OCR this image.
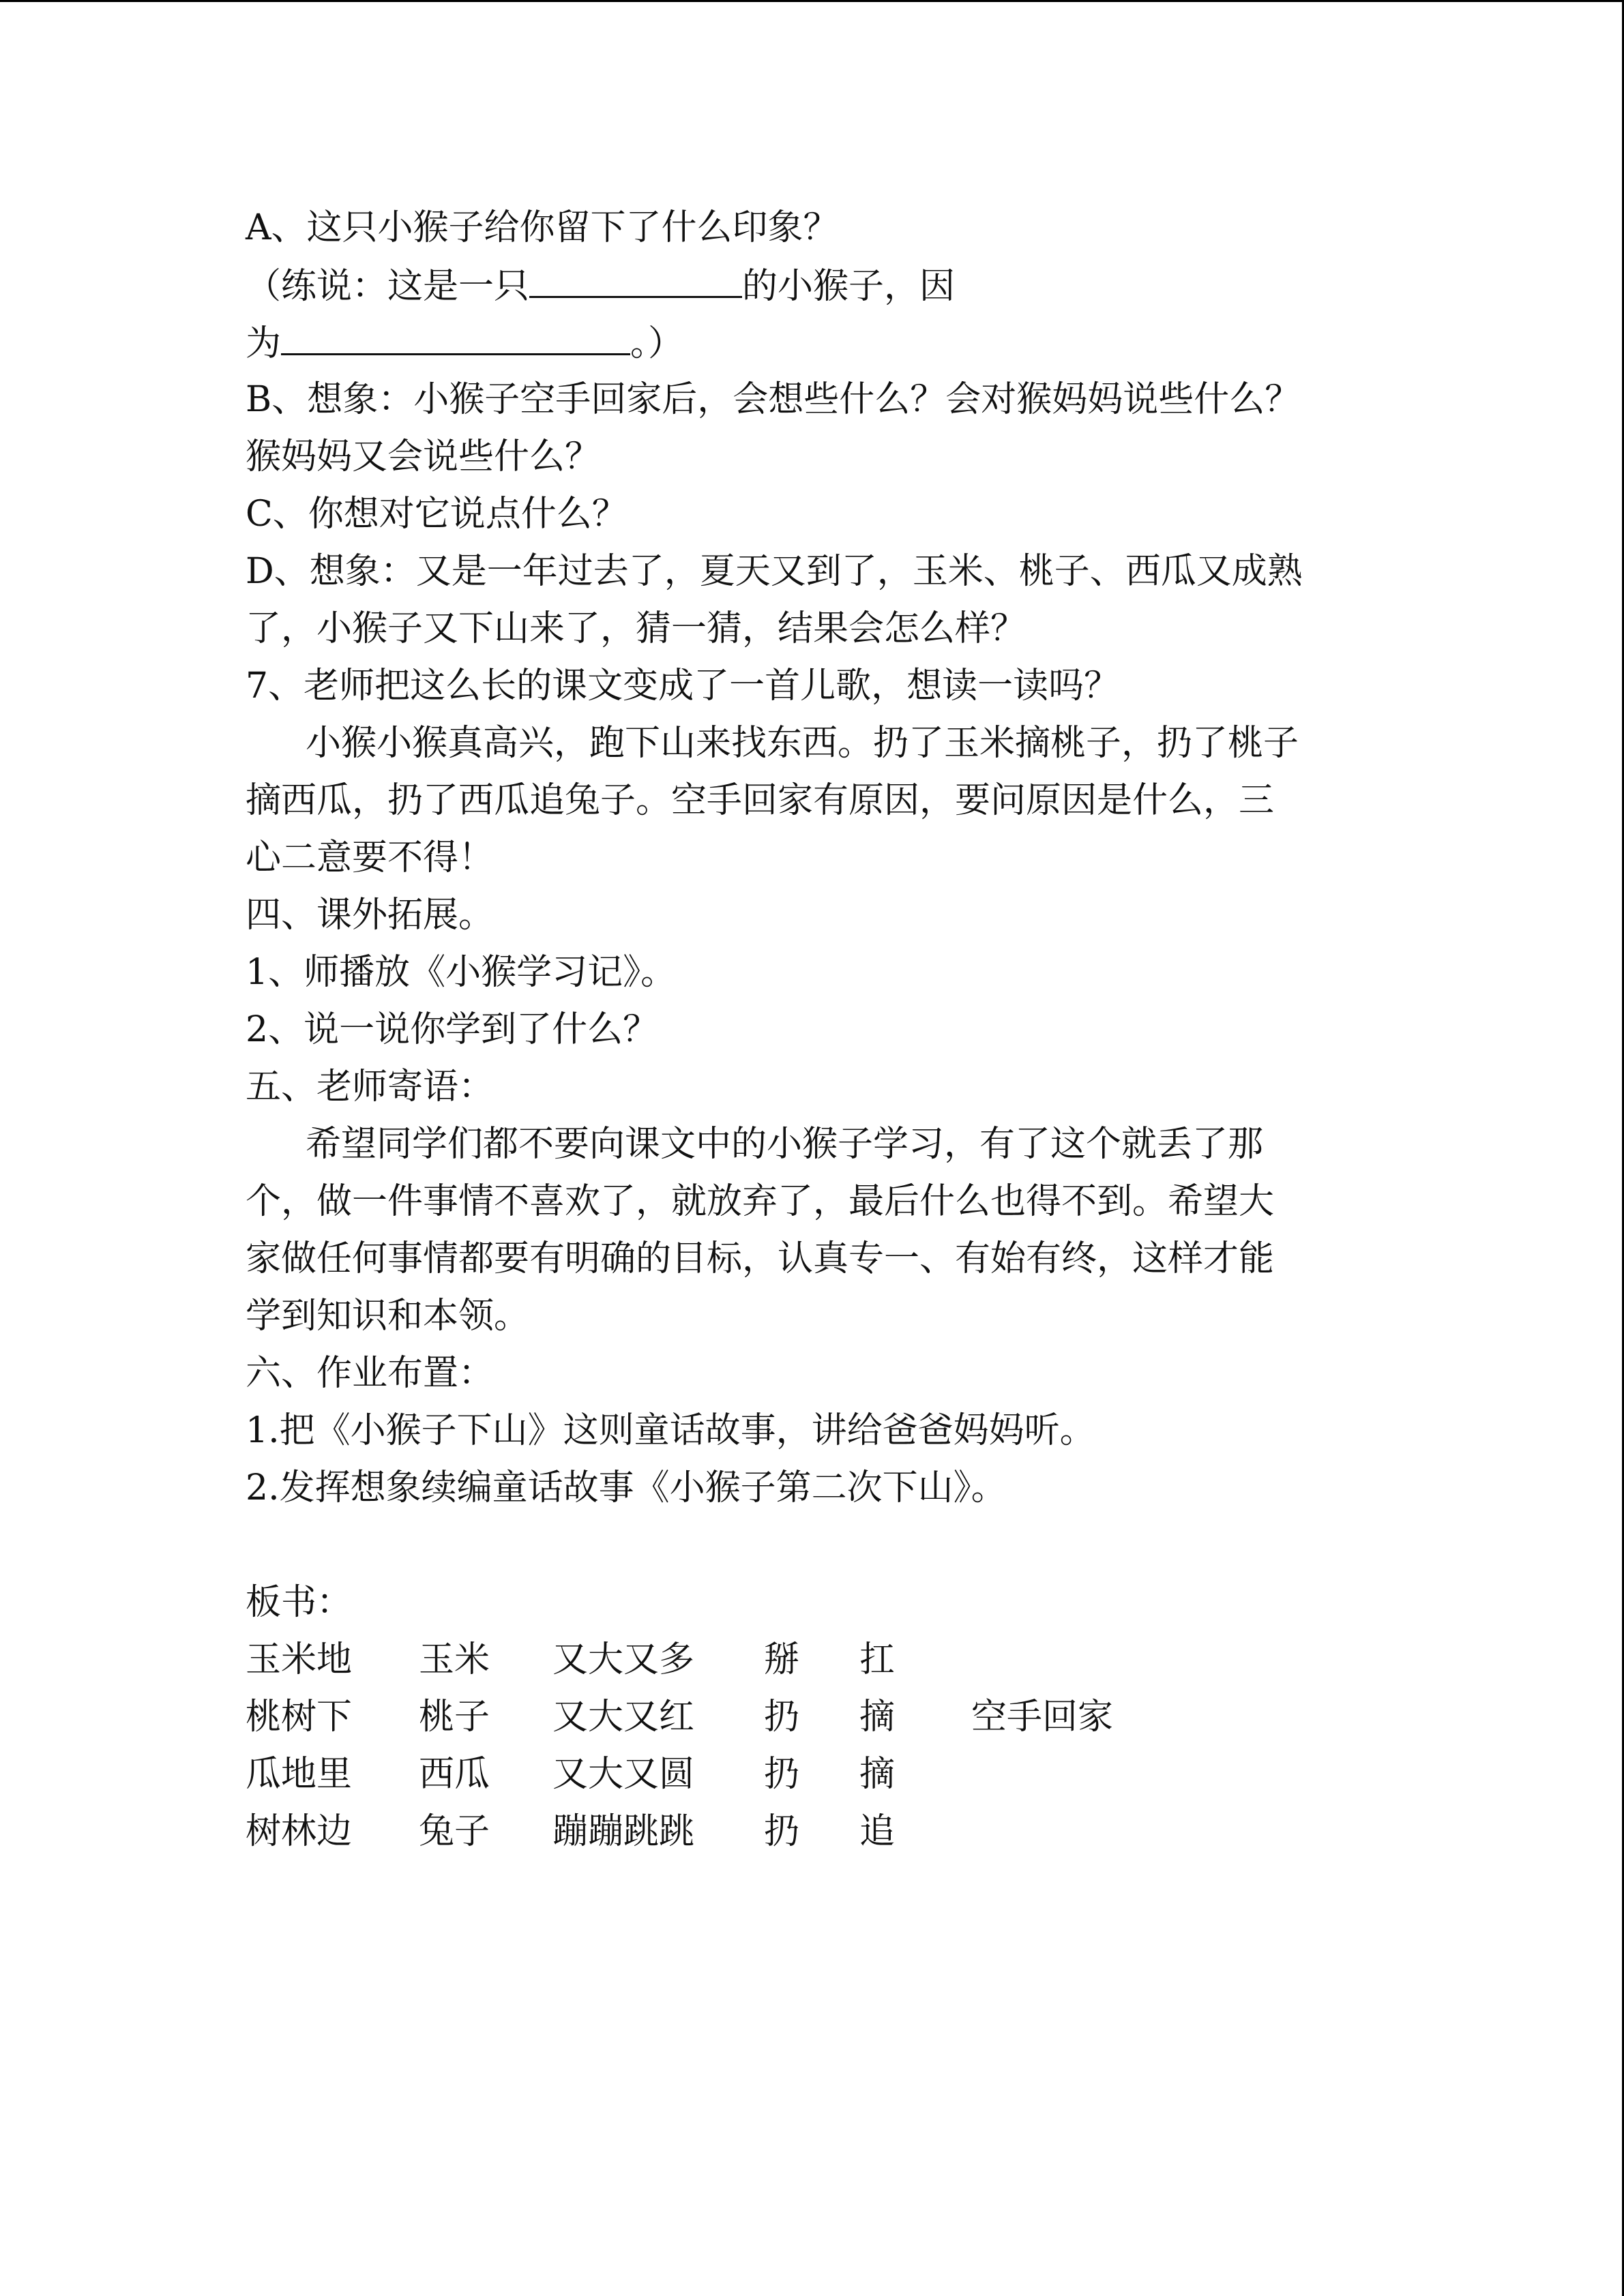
A、这只小猴子给你留下了什么印象？
（练说：这是一只	的小猴子，因
为	。）
B、想象：小猴子空手回家后，会想些什么？会对猴妈妈说些什么？
猴妈妈又会说些什么？
C、你想对它说点什么？
D、想象：又是一年过去了，夏天又到了，玉米、桃子、西瓜又成熟
了，小猴子又下山来了，猜一猜，结果会怎么样？
7、老师把这么长的课文变成了一首儿歌，想读一读吗？
小猴小猴真高兴，跑下山来找东西。扔了玉米摘桃子，扔了桃子
摘西瓜，扔了西瓜追兔子。空手回家有原因，要问原因是什么，三
心二意要不得！
四、课外拓展。
1、师播放《小猴学习记》。
2、说一说你学到了什么？
五、老师寄语：
希望同学们都不要向课文中的小猴子学习，有了这个就丢了那
个，做一件事情不喜欢了，就放弃了，最后什么也得不到。希望大
家做任何事情都要有明确的目标，认真专一、有始有终，这样才能
学到知识和本领。
六、作业布置：
1.把《小猴子下山》这则童话故事，讲给爸爸妈妈听。
2.发挥想象续编童话故事《小猴子第二次下山》。
板书：
玉米地 玉米 又大又多 掰 扛
桃树下 桃子 又大又红 扔 摘 空手回家
瓜地里 西瓜 又大又圆 扔 摘
树林边 兔子 蹦蹦跳跳 扔 追
